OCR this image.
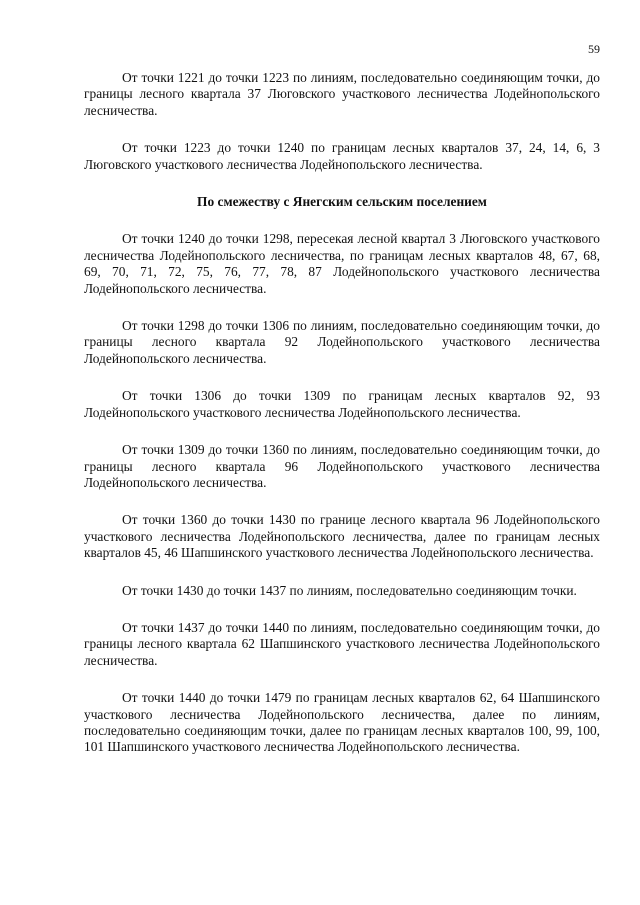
59

От точки 1221 до точки 1223 по линиям, последовательно соединяющим точки, до границы лесного квартала 37 Люговского участкового лесничества Лодейнопольского лесничества.

От точки 1223 до точки 1240 по границам лесных кварталов 37, 24, 14, 6, 3 Люговского участкового лесничества Лодейнопольского лесничества.

По смежеству с Янегским сельским поселением

От точки 1240 до точки 1298, пересекая лесной квартал 3 Люговского участкового лесничества Лодейнопольского лесничества, по границам лесных кварталов 48, 67, 68, 69, 70, 71, 72, 75, 76, 77, 78, 87 Лодейнопольского участкового лесничества Лодейнопольского лесничества.

От точки 1298 до точки 1306 по линиям, последовательно соединяющим точки, до границы лесного квартала 92 Лодейнопольского участкового лесничества Лодейнопольского лесничества.

От точки 1306 до точки 1309 по границам лесных кварталов 92, 93 Лодейнопольского участкового лесничества Лодейнопольского лесничества.

От точки 1309 до точки 1360 по линиям, последовательно соединяющим точки, до границы лесного квартала 96 Лодейнопольского участкового лесничества Лодейнопольского лесничества.

От точки 1360 до точки 1430 по границе лесного квартала 96 Лодейнопольского участкового лесничества Лодейнопольского лесничества, далее по границам лесных кварталов 45, 46 Шапшинского участкового лесничества Лодейнопольского лесничества.

От точки 1430 до точки 1437 по линиям, последовательно соединяющим точки.

От точки 1437 до точки 1440 по линиям, последовательно соединяющим точки, до границы лесного квартала 62 Шапшинского участкового лесничества Лодейнопольского лесничества.

От точки 1440 до точки 1479 по границам лесных кварталов 62, 64 Шапшинского участкового лесничества Лодейнопольского лесничества, далее по линиям, последовательно соединяющим точки, далее по границам лесных кварталов 100, 99, 100, 101 Шапшинского участкового лесничества Лодейнопольского лесничества.
